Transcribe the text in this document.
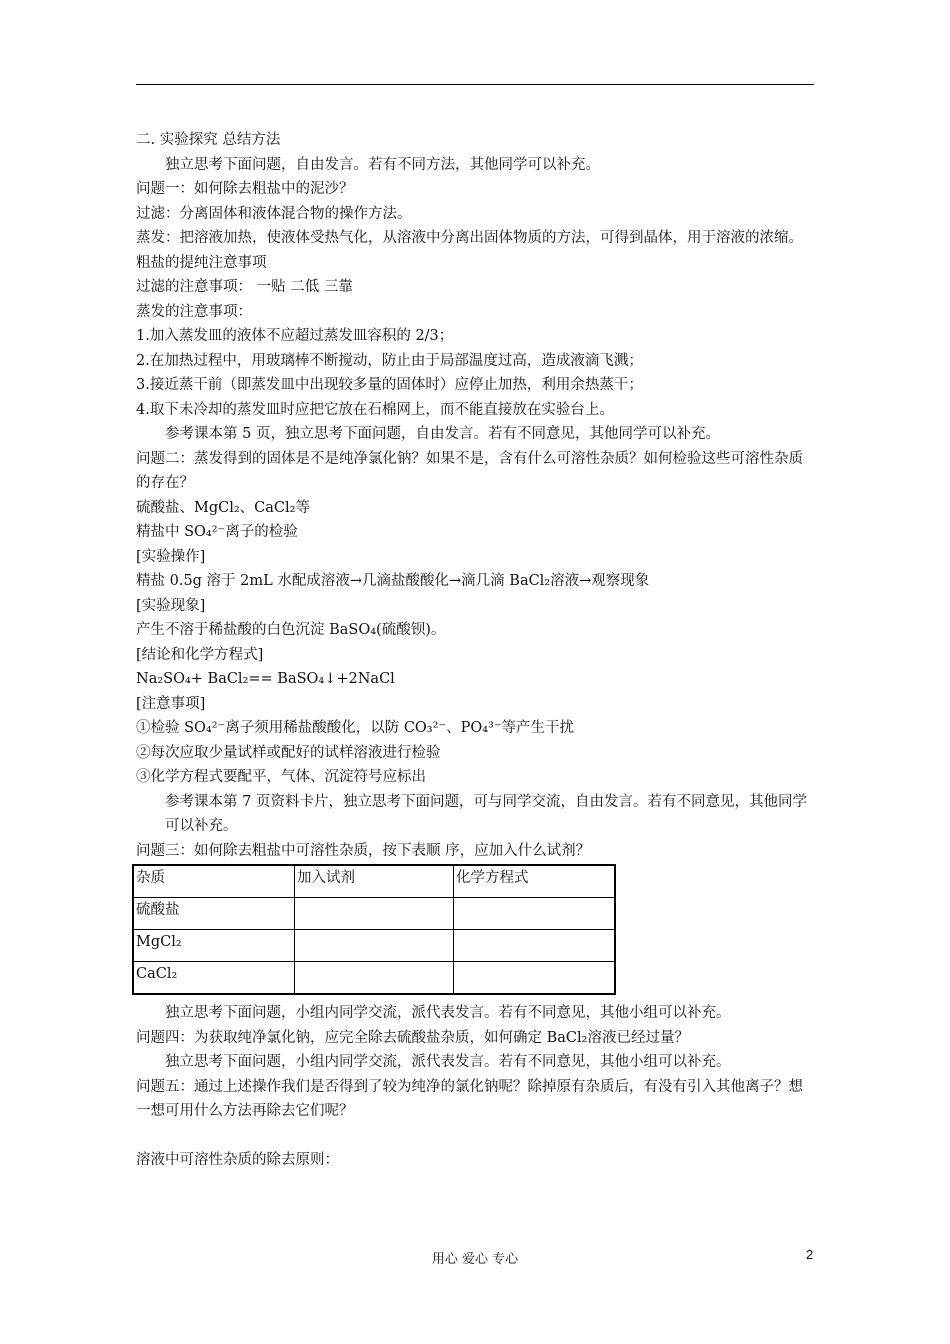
二. 实验探究 总结方法
独立思考下面问题，自由发言。若有不同方法，其他同学可以补充。
问题一：如何除去粗盐中的泥沙？
过滤：分离固体和液体混合物的操作方法。
蒸发：把溶液加热，使液体受热气化，从溶液中分离出固体物质的方法，可得到晶体，用于溶液的浓缩。
粗盐的提纯注意事项
过滤的注意事项： 一贴 二低 三靠
蒸发的注意事项：
1.加入蒸发皿的液体不应超过蒸发皿容积的 2/3；
2.在加热过程中，用玻璃棒不断搅动，防止由于局部温度过高，造成液滴飞溅；
3.接近蒸干前（即蒸发皿中出现较多量的固体时）应停止加热，利用余热蒸干；
4.取下未冷却的蒸发皿时应把它放在石棉网上，而不能直接放在实验台上。
参考课本第 5 页，独立思考下面问题，自由发言。若有不同意见，其他同学可以补充。
问题二：蒸发得到的固体是不是纯净氯化钠？如果不是，含有什么可溶性杂质？如何检验这些可溶性杂质的存在？
硫酸盐、MgCl₂、CaCl₂等
精盐中 SO₄²⁻离子的检验
[实验操作]
精盐 0.5g 溶于 2mL 水配成溶液→几滴盐酸酸化→滴几滴 BaCl₂溶液→观察现象
[实验现象]
产生不溶于稀盐酸的白色沉淀 BaSO₄(硫酸钡)。
[结论和化学方程式]
Na₂SO₄+ BaCl₂== BaSO₄↓+2NaCl
[注意事项]
①检验 SO₄²⁻离子须用稀盐酸酸化，以防 CO₃²⁻、PO₄³⁻等产生干扰
②每次应取少量试样或配好的试样溶液进行检验
③化学方程式要配平，气体、沉淀符号应标出
参考课本第 7 页资料卡片，独立思考下面问题，可与同学交流，自由发言。若有不同意见，其他同学可以补充。
问题三：如何除去粗盐中可溶性杂质，按下表顺 序，应加入什么试剂？
杂质	加入试剂	化学方程式
硫酸盐		
MgCl₂		
CaCl₂		
独立思考下面问题，小组内同学交流，派代表发言。若有不同意见，其他小组可以补充。
问题四：为获取纯净氯化钠，应完全除去硫酸盐杂质，如何确定 BaCl₂溶液已经过量？
独立思考下面问题，小组内同学交流，派代表发言。若有不同意见，其他小组可以补充。
问题五：通过上述操作我们是否得到了较为纯净的氯化钠呢？除掉原有杂质后，有没有引入其他离子？想一想可用什么方法再除去它们呢？
溶液中可溶性杂质的除去原则：
用心 爱心 专心	2
